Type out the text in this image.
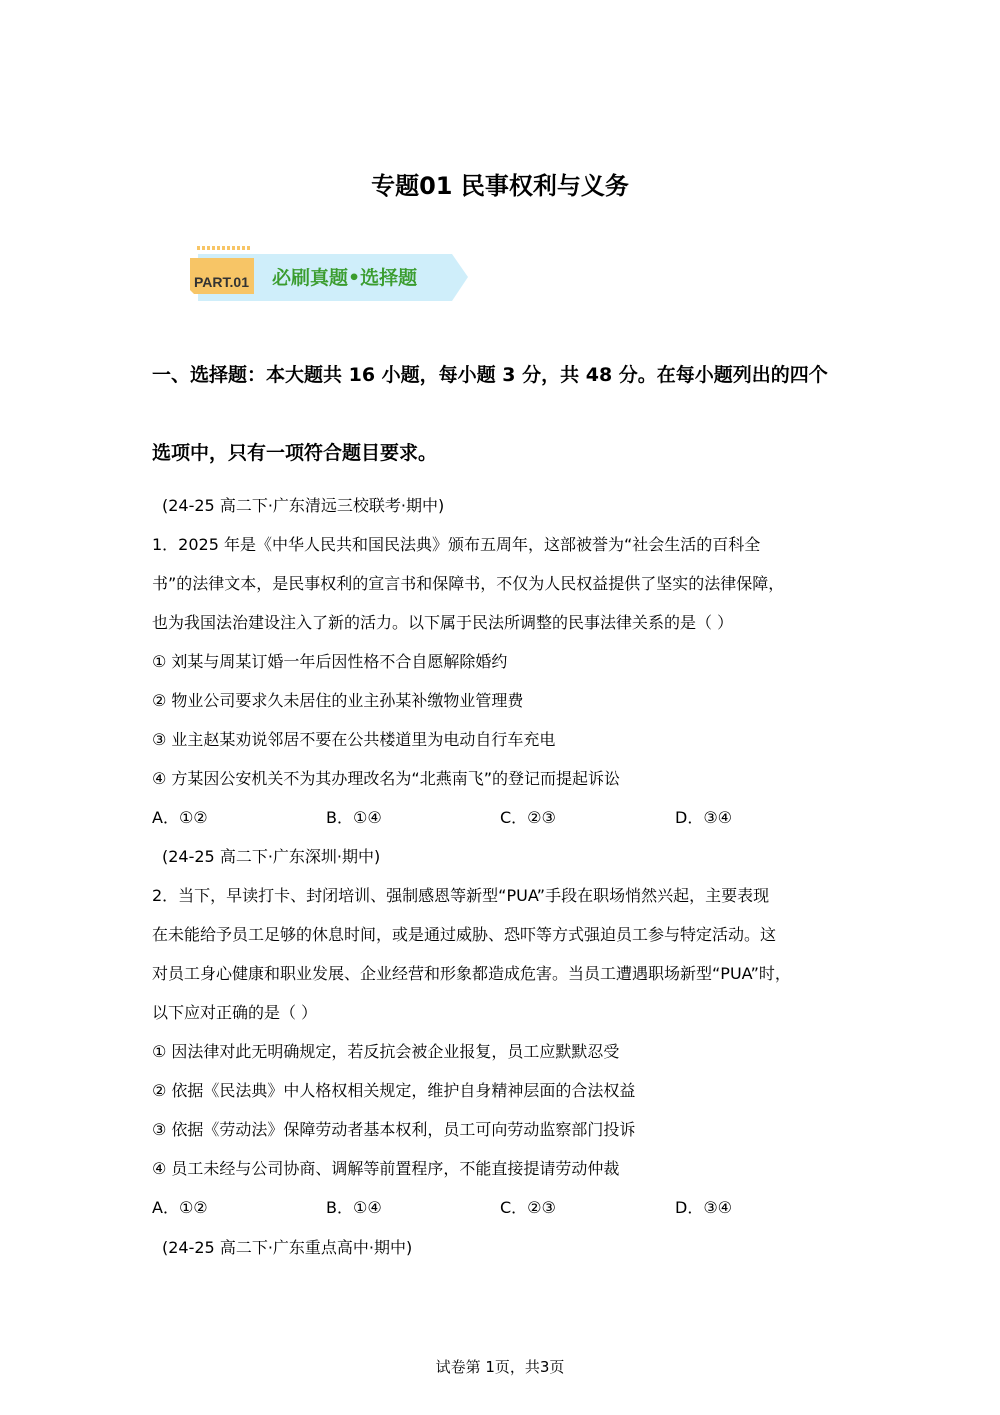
专题01 民事权利与义务
PART.01 必刷真题•选择题
一、选择题：本大题共 16 小题，每小题 3 分，共 48 分。在每小题列出的四个
选项中，只有一项符合题目要求。
(24-25 高二下·广东清远三校联考·期中)
1．2025 年是《中华人民共和国民法典》颁布五周年，这部被誉为“社会生活的百科全
书”的法律文本，是民事权利的宣言书和保障书，不仅为人民权益提供了坚实的法律保障，
也为我国法治建设注入了新的活力。以下属于民法所调整的民事法律关系的是（ ）
① 刘某与周某订婚一年后因性格不合自愿解除婚约
② 物业公司要求久未居住的业主孙某补缴物业管理费
③ 业主赵某劝说邻居不要在公共楼道里为电动自行车充电
④ 方某因公安机关不为其办理改名为“北燕南飞”的登记而提起诉讼
A．①②	B．①④	C．②③	D．③④
(24-25 高二下·广东深圳·期中)
2．当下，早读打卡、封闭培训、强制感恩等新型“PUA”手段在职场悄然兴起，主要表现
在未能给予员工足够的休息时间，或是通过威胁、恐吓等方式强迫员工参与特定活动。这
对员工身心健康和职业发展、企业经营和形象都造成危害。当员工遭遇职场新型“PUA”时，
以下应对正确的是（ ）
① 因法律对此无明确规定，若反抗会被企业报复，员工应默默忍受
② 依据《民法典》中人格权相关规定，维护自身精神层面的合法权益
③ 依据《劳动法》保障劳动者基本权利，员工可向劳动监察部门投诉
④ 员工未经与公司协商、调解等前置程序，不能直接提请劳动仲裁
A．①②	B．①④	C．②③	D．③④
(24-25 高二下·广东重点高中·期中)
试卷第 1页，共3页
